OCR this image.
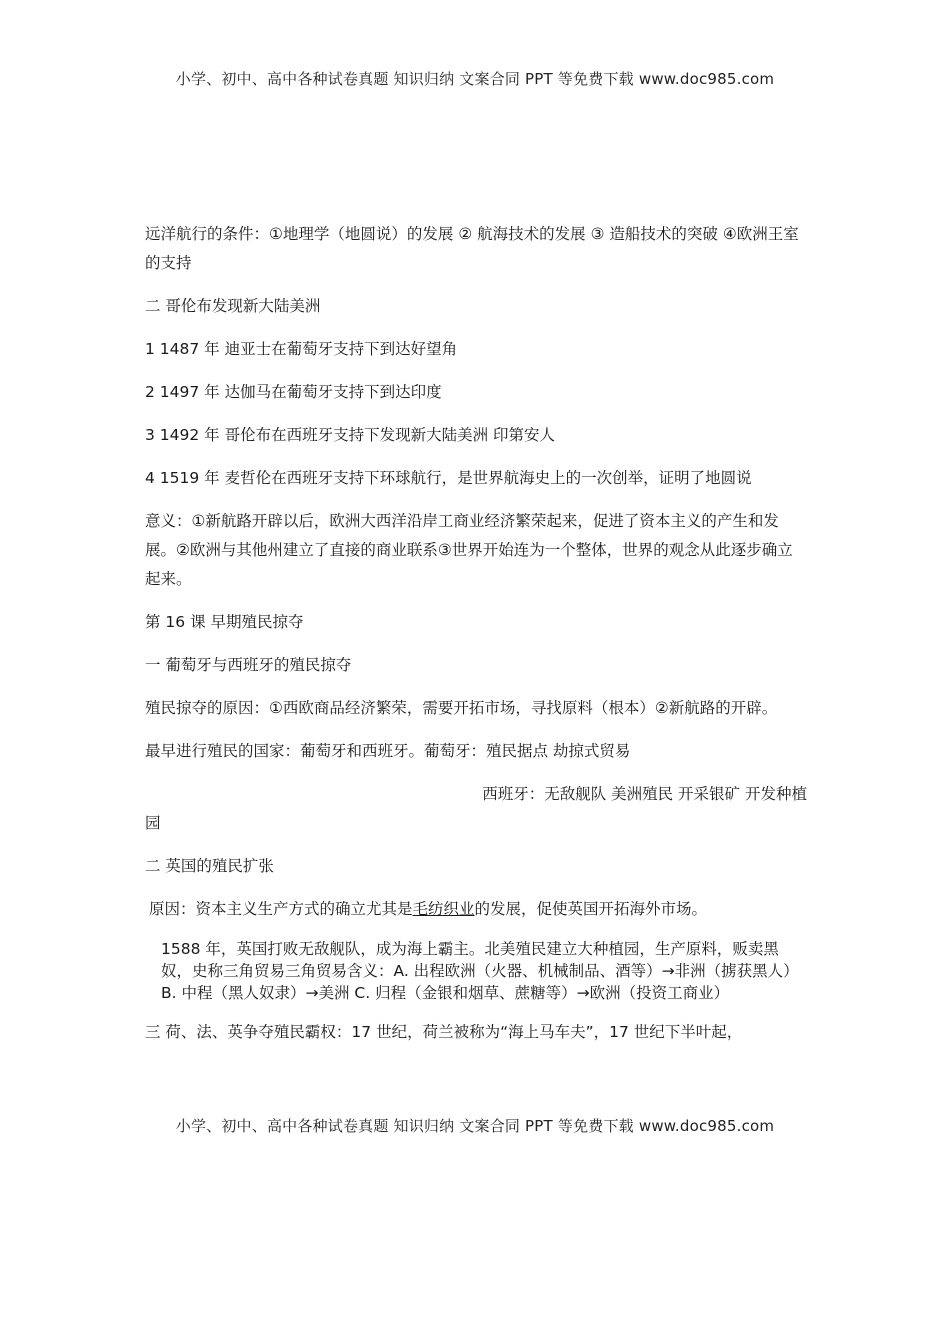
小学、初中、高中各种试卷真题 知识归纳 文案合同 PPT 等免费下载 www.doc985.com

远洋航行的条件：①地理学（地圆说）的发展 ② 航海技术的发展 ③ 造船技术的突破 ④欧洲王室的支持

二 哥伦布发现新大陆美洲

1 1487 年 迪亚士在葡萄牙支持下到达好望角

2 1497 年 达伽马在葡萄牙支持下到达印度

3 1492 年 哥伦布在西班牙支持下发现新大陆美洲 印第安人

4 1519 年 麦哲伦在西班牙支持下环球航行，是世界航海史上的一次创举，证明了地圆说

意义：①新航路开辟以后，欧洲大西洋沿岸工商业经济繁荣起来，促进了资本主义的产生和发展。②欧洲与其他州建立了直接的商业联系③世界开始连为一个整体，世界的观念从此逐步确立起来。

第 16 课 早期殖民掠夺

一 葡萄牙与西班牙的殖民掠夺

殖民掠夺的原因：①西欧商品经济繁荣，需要开拓市场，寻找原料（根本）②新航路的开辟。

最早进行殖民的国家：葡萄牙和西班牙。葡萄牙：殖民据点 劫掠式贸易

西班牙：无敌舰队 美洲殖民 开采银矿 开发种植

园

二 英国的殖民扩张

原因：资本主义生产方式的确立尤其是毛纺织业的发展，促使英国开拓海外市场。

1588 年，英国打败无敌舰队，成为海上霸主。北美殖民建立大种植园，生产原料，贩卖黑奴，史称三角贸易三角贸易含义：A. 出程欧洲（火器、机械制品、酒等）→非洲（掳获黑人）B. 中程（黑人奴隶）→美洲 C. 归程（金银和烟草、蔗糖等）→欧洲（投资工商业）

三 荷、法、英争夺殖民霸权：17 世纪，荷兰被称为“海上马车夫”，17 世纪下半叶起，

小学、初中、高中各种试卷真题 知识归纳 文案合同 PPT 等免费下载 www.doc985.com
